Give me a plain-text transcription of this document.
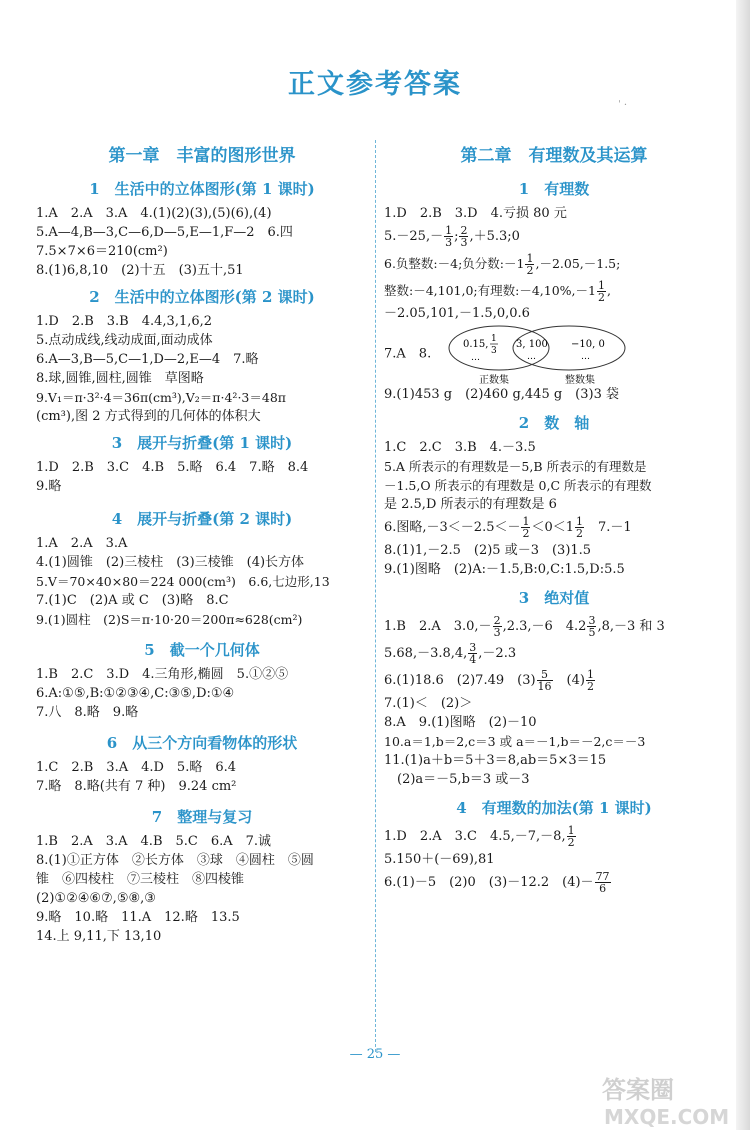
ˈ ·
正文参考答案
第一章　丰富的图形世界
1　生活中的立体图形(第 1 课时)
1.A　2.A　3.A　4.(1)(2)(3),(5)(6),(4)
5.A—4,B—3,C—6,D—5,E—1,F—2　6.四
7.5×7×6＝210(cm²)
8.(1)6,8,10　(2)十五　(3)五十,51
2　生活中的立体图形(第 2 课时)
1.D　2.B　3.B　4.4,3,1,6,2
5.点动成线,线动成面,面动成体
6.A—3,B—5,C—1,D—2,E—4　7.略
8.球,圆锥,圆柱,圆锥　草图略
9.V₁＝π·3²·4＝36π(cm³),V₂＝π·4²·3＝48π
(cm³),图 2 方式得到的几何体的体积大
3　展开与折叠(第 1 课时)
1.D　2.B　3.C　4.B　5.略　6.4　7.略　8.4
9.略
4　展开与折叠(第 2 课时)
1.A　2.A　3.A
4.(1)圆锥　(2)三棱柱　(3)三棱锥　(4)长方体
5.V＝70×40×80＝224 000(cm³)　6.6,七边形,13
7.(1)C　(2)A 或 C　(3)略　8.C
9.(1)圆柱　(2)S＝π·10·20＝200π≈628(cm²)
5　截一个几何体
1.B　2.C　3.D　4.三角形,椭圆　5.①②⑤
6.A:①⑤,B:①②③④,C:③⑤,D:①④
7.八　8.略　9.略
6　从三个方向看物体的形状
1.C　2.B　3.A　4.D　5.略　6.4
7.略　8.略(共有 7 种)　9.24 cm²
7　整理与复习
1.B　2.A　3.A　4.B　5.C　6.A　7.诚
8.(1)①正方体　②长方体　③球　④圆柱　⑤圆
锥　⑥四棱柱　⑦三棱柱　⑧四棱锥
(2)①②④⑥⑦,⑤⑧,③
9.略　10.略　11.A　12.略　13.5
14.上 9,11,下 13,10
第二章　有理数及其运算
1　有理数
1.D　2.B　3.D　4.亏损 80 元
$5.-25,- \frac{1}{3}$ ; $\frac{2}{3}$ ,＋5.3;0
6.负整数:－4;负分数:－1 $\frac{1}{2} ,-2.05,-1.5$;
整数:－4,101,0;有理数:－4,10%,－1 $\frac{1}{2}$ ,
－2.05,101,－1.5,0,0.6
7.A　8.
0.15, 1
3
…
3, 100
…
−10, 0
…
正数集	整数集
9.(1)453 g　(2)460 g,445 g　(3)3 袋
2　数　轴
1.C　2.C　3.B　4.－3.5
5.A 所表示的有理数是－5,B 所表示的有理数是
－1.5,O 所表示的有理数是 0,C 所表示的有理数
是 2.5,D 所表示的有理数是 6
6.图略$,-3<-2.5<- \frac{1}{2} <0<1 \frac{1}{2}$ 　7.－1
8.(1)1,－2.5　(2)5 或－3　(3)1.5
9.(1)图略　(2)A:－1.5,B:0,C:1.5,D:5.5
3　绝对值
1.B　2.A　$3.0,- \frac{2}{3} ,2.3,-6$　$4.2 \frac{3}{5} ,8,-3$ 和 3
5.68,－3.8,4, $\frac{3}{4} ,-2.3$
6.(1)18.6　(2)7.49　$(3) \frac{5}{16}$ 　$(4) \frac{1}{2}$
7.(1)＜　(2)＞
8.A　9.(1)图略　(2)－10
10.a＝1,b＝2,c＝3 或 a＝－1,b＝－2,c＝－3
11.(1)a＋b＝5＋3＝8,ab＝5×3＝15
　(2)a＝－5,b＝3 或－3
4　有理数的加法(第 1 课时)
1.D　2.A　3.C　4.5,－7,－8, $\frac{1}{2}$
5.150＋(－69),81
6.(1)－5　(2)0　(3)－12.2　$(4)- \frac{77}{6}$
— 25 —
答案圈
MXQE.COM
